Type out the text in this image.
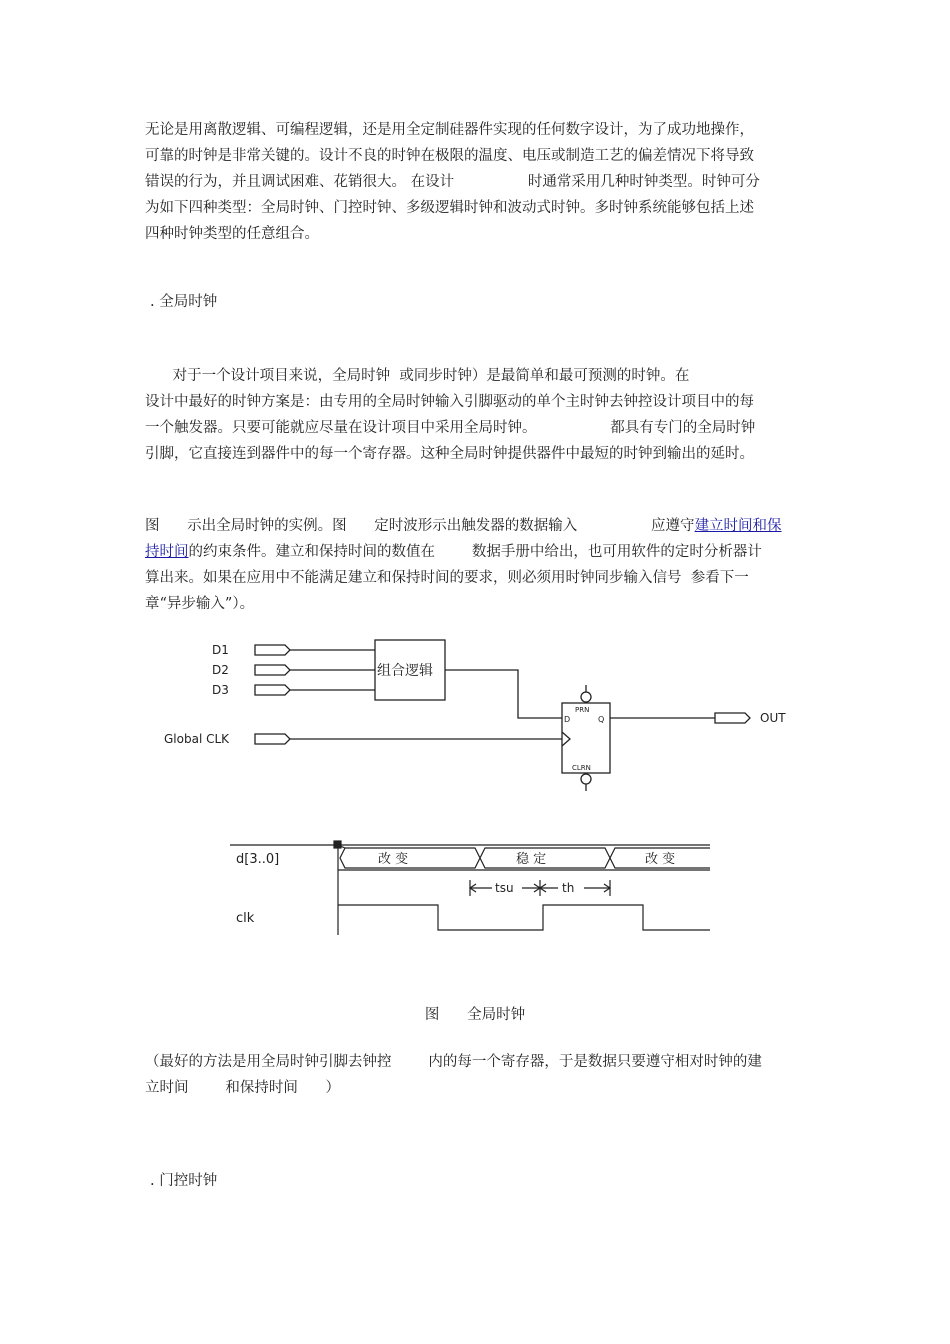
无论是用离散逻辑、可编程逻辑，还是用全定制硅器件实现的任何数字设计，为了成功地操作，
可靠的时钟是非常关键的。设计不良的时钟在极限的温度、电压或制造工艺的偏差情况下将导致
错误的行为，并且调试困难、花销很大。 在设计                时通常采用几种时钟类型。时钟可分
为如下四种类型：全局时钟、门控时钟、多级逻辑时钟和波动式时钟。多时钟系统能够包括上述
四种时钟类型的任意组合。
. 全局时钟
对于一个设计项目来说，全局时钟  或同步时钟）是最简单和最可预测的时钟。在
设计中最好的时钟方案是：由专用的全局时钟输入引脚驱动的单个主时钟去钟控设计项目中的每
一个触发器。只要可能就应尽量在设计项目中采用全局时钟。                都具有专门的全局时钟
引脚，它直接连到器件中的每一个寄存器。这种全局时钟提供器件中最短的时钟到输出的延时。
图      示出全局时钟的实例。图      定时波形示出触发器的数据输入                应遵守建立时间和保
持时间的约束条件。建立和保持时间的数值在        数据手册中给出，也可用软件的定时分析器计
算出来。如果在应用中不能满足建立和保持时间的要求，则必须用时钟同步输入信号  参看下一
章“异步输入”）。
D1
D2
D3
Global CLK
组合逻辑
D
PRN
Q
CLRN
OUT
d[3..0]
clk
改 变	稳 定	改 变
tsu	th
图      全局时钟
（最好的方法是用全局时钟引脚去钟控        内的每一个寄存器，于是数据只要遵守相对时钟的建
立时间        和保持时间      ）
. 门控时钟
